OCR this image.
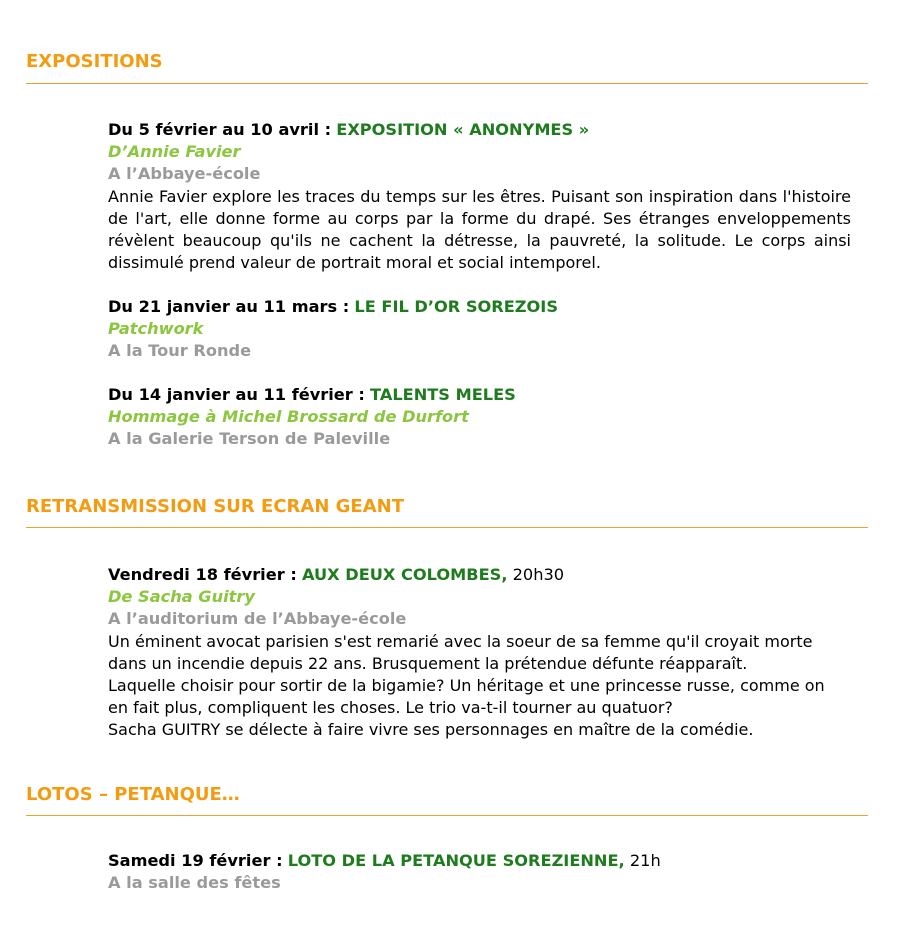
EXPOSITIONS
Du 5 février au 10 avril : EXPOSITION « ANONYMES »
D’Annie Favier
A l’Abbaye-école

Annie Favier explore les traces du temps sur les êtres. Puisant son inspiration dans l'histoire de l'art, elle donne forme au corps par la forme du drapé. Ses étranges enveloppements révèlent beaucoup qu'ils ne cachent la détresse, la pauvreté, la solitude. Le corps ainsi dissimulé prend valeur de portrait moral et social intemporel.

Du 21 janvier au 11 mars : LE FIL D’OR SOREZOIS
Patchwork
A la Tour Ronde
Du 14 janvier au 11 février : TALENTS MELES
Hommage à Michel Brossard de Durfort
A la Galerie Terson de Paleville
RETRANSMISSION SUR ECRAN GEANT
Vendredi 18 février : AUX DEUX COLOMBES, 20h30
De Sacha Guitry
A l’auditorium de l’Abbaye-école

Un éminent avocat parisien s'est remarié avec la soeur de sa femme qu'il croyait morte

dans un incendie depuis 22 ans. Brusquement la prétendue défunte réapparaît.

Laquelle choisir pour sortir de la bigamie? Un héritage et une princesse russe, comme on

en fait plus, compliquent les choses. Le trio va-t-il tourner au quatuor?

Sacha GUITRY se délecte à faire vivre ses personnages en maître de la comédie.

LOTOS – PETANQUE…
Samedi 19 février : LOTO DE LA PETANQUE SOREZIENNE, 21h
A la salle des fêtes
